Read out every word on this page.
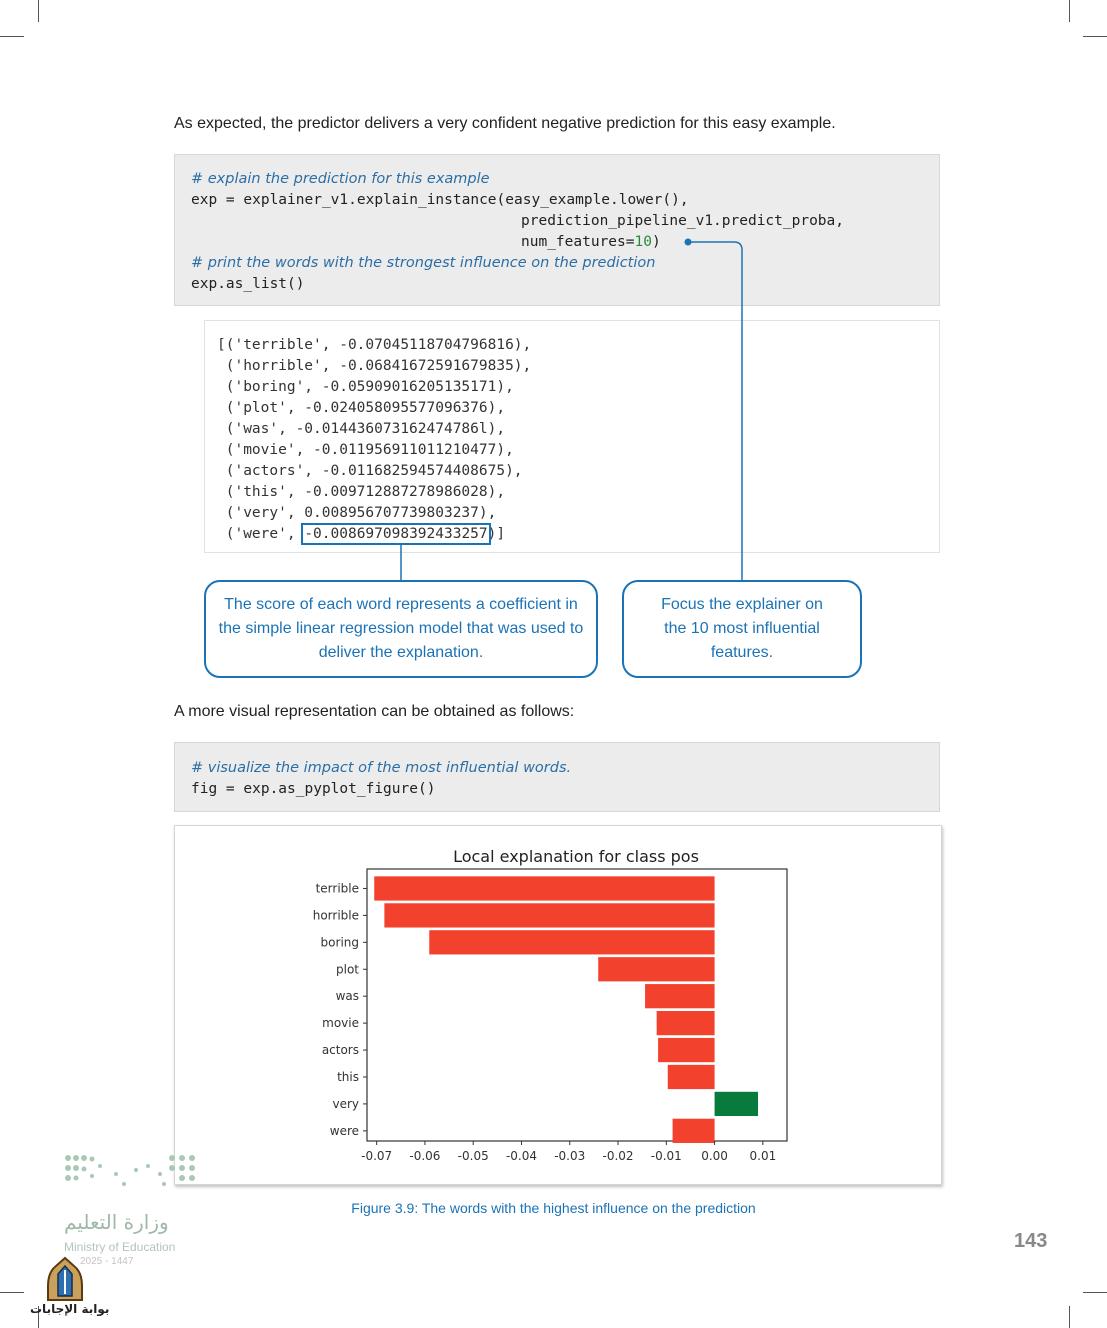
As expected, the predictor delivers a very confident negative prediction for this easy example.
# explain the prediction for this example
exp = explainer_v1.explain_instance(easy_example.lower(),
prediction_pipeline_v1.predict_proba,
num_features=10)
# print the words with the strongest influence on the prediction
exp.as_list()
[('terrible', -0.07045118704796816),
('horrible', -0.06841672591679835),
('boring', -0.05909016205135171),
('plot', -0.024058095577096376),
('was', -0.014436073162474786l),
('movie', -0.011956911011210477),
('actors', -0.011682594574408675),
('this', -0.009712887278986028),
('very', 0.008956707739803237),
('were', -0.008697098392433257)]
The score of each word represents a coefficient in the simple linear regression model that was used to deliver the explanation.
Focus the explainer on the 10 most influential features.
A more visual representation can be obtained as follows:
# visualize the impact of the most influential words.
fig = exp.as_pyplot_figure()
Local explanation for class pos
terrible
horrible
boring
plot
was
movie
actors
this
very
were
-0.07 -0.06 -0.05 -0.04 -0.03 -0.02 -0.01 0.00 0.01
Figure 3.9: The words with the highest influence on the prediction
143
وزارة التعليم
Ministry of Education
2025 - 1447
بوابة الإجابات
